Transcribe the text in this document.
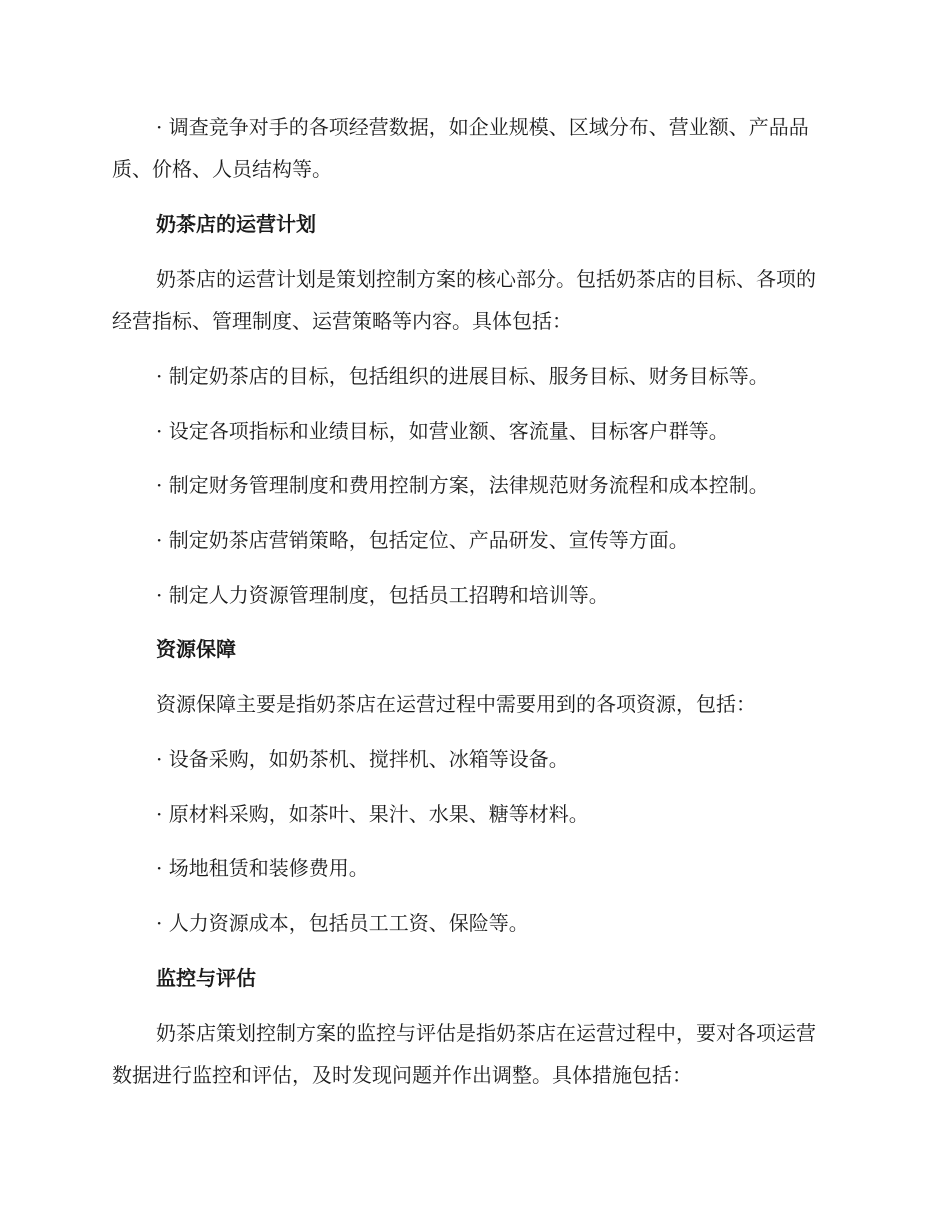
· 调查竞争对手的各项经营数据，如企业规模、区域分布、营业额、产品品质、价格、人员结构等。

奶茶店的运营计划

奶茶店的运营计划是策划控制方案的核心部分。包括奶茶店的目标、各项的经营指标、管理制度、运营策略等内容。具体包括：

· 制定奶茶店的目标，包括组织的进展目标、服务目标、财务目标等。

· 设定各项指标和业绩目标，如营业额、客流量、目标客户群等。

· 制定财务管理制度和费用控制方案，法律规范财务流程和成本控制。

· 制定奶茶店营销策略，包括定位、产品研发、宣传等方面。

· 制定人力资源管理制度，包括员工招聘和培训等。

资源保障

资源保障主要是指奶茶店在运营过程中需要用到的各项资源，包括：

· 设备采购，如奶茶机、搅拌机、冰箱等设备。

· 原材料采购，如茶叶、果汁、水果、糖等材料。

· 场地租赁和装修费用。

· 人力资源成本，包括员工工资、保险等。

监控与评估

奶茶店策划控制方案的监控与评估是指奶茶店在运营过程中，要对各项运营数据进行监控和评估，及时发现问题并作出调整。具体措施包括：
